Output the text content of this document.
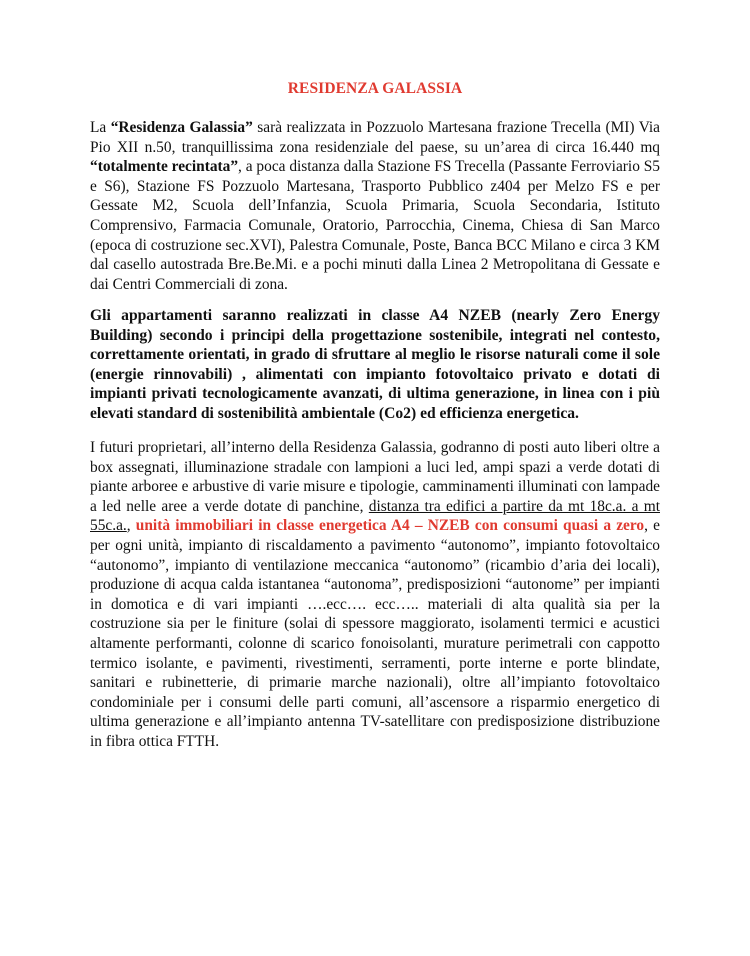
RESIDENZA GALASSIA

La “Residenza Galassia” sarà realizzata in Pozzuolo Martesana frazione Trecella (MI) Via Pio XII n.50, tranquillissima zona residenziale del paese, su un’area di circa 16.440 mq “totalmente recintata”, a poca distanza dalla Stazione FS Trecella (Passante Ferroviario S5 e S6), Stazione FS Pozzuolo Martesana, Trasporto Pubblico z404 per Melzo FS e per Gessate M2, Scuola dell’Infanzia, Scuola Primaria, Scuola Secondaria, Istituto Comprensivo, Farmacia Comunale, Oratorio, Parrocchia, Cinema, Chiesa di San Marco (epoca di costruzione sec.XVI), Palestra Comunale, Poste, Banca BCC Milano e circa 3 KM dal casello autostrada Bre.Be.Mi. e a pochi minuti dalla Linea 2 Metropolitana di Gessate e dai Centri Commerciali di zona.

Gli appartamenti saranno realizzati in classe A4 NZEB (nearly Zero Energy Building) secondo i principi della progettazione sostenibile, integrati nel contesto, correttamente orientati, in grado di sfruttare al meglio le risorse naturali come il sole (energie rinnovabili) , alimentati con impianto fotovoltaico privato e dotati di impianti privati tecnologicamente avanzati, di ultima generazione, in linea con i più elevati standard di sostenibilità ambientale (Co2) ed efficienza energetica.

I futuri proprietari, all’interno della Residenza Galassia, godranno di posti auto liberi oltre a box assegnati, illuminazione stradale con lampioni a luci led, ampi spazi a verde dotati di piante arboree e arbustive di varie misure e tipologie, camminamenti illuminati con lampade a led nelle aree a verde dotate di panchine, distanza tra edifici a partire da mt 18c.a. a mt 55c.a., unità immobiliari in classe energetica A4 – NZEB con consumi quasi a zero, e per ogni unità, impianto di riscaldamento a pavimento “autonomo”, impianto fotovoltaico “autonomo”, impianto di ventilazione meccanica “autonomo” (ricambio d’aria dei locali), produzione di acqua calda istantanea “autonoma”, predisposizioni “autonome” per impianti in domotica e di vari impianti ….ecc…. ecc….. materiali di alta qualità sia per la costruzione sia per le finiture (solai di spessore maggiorato, isolamenti termici e acustici altamente performanti, colonne di scarico fonoisolanti, murature perimetrali con cappotto termico isolante, e pavimenti, rivestimenti, serramenti, porte interne e porte blindate, sanitari e rubinetterie, di primarie marche nazionali), oltre all’impianto fotovoltaico condominiale per i consumi delle parti comuni, all’ascensore a risparmio energetico di ultima generazione e all’impianto antenna TV-satellitare con predisposizione distribuzione in fibra ottica FTTH.
